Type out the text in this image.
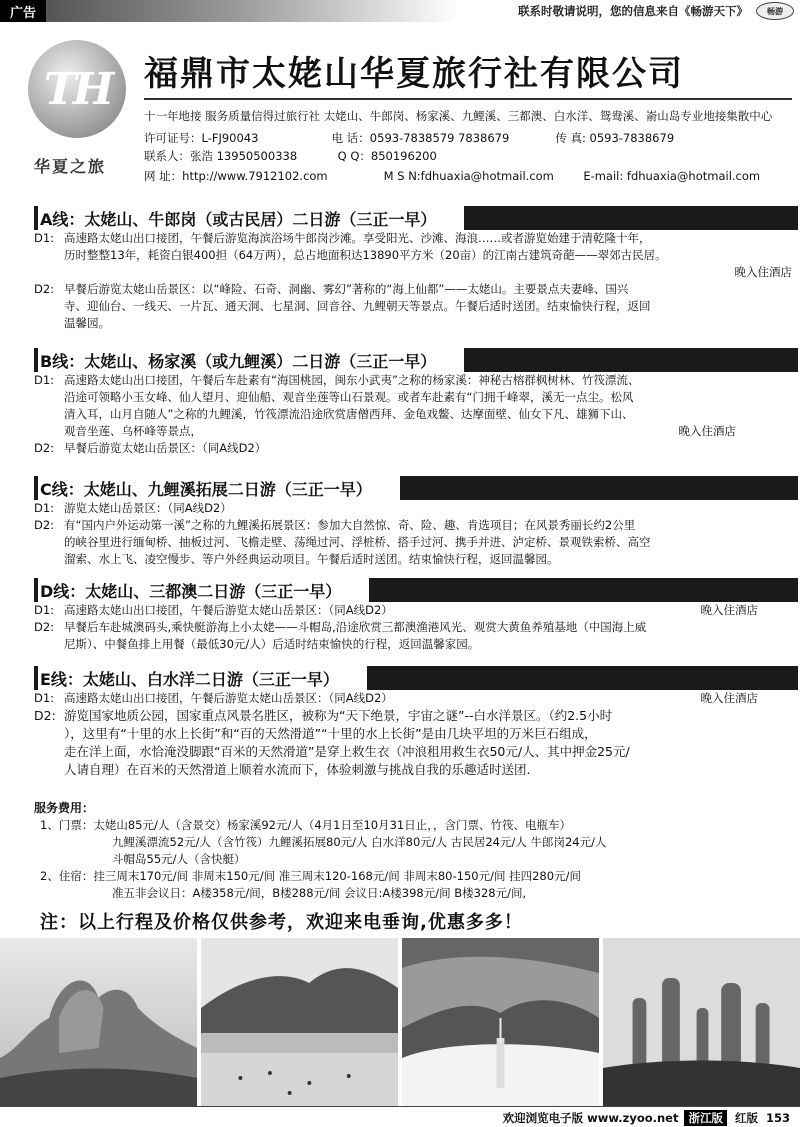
广告	联系时敬请说明，您的信息来自《畅游天下》	畅游
TH
华夏之旅
福鼎市太姥山华夏旅行社有限公司
十一年地接 服务质量信得过旅行社 太姥山、牛郎岗、杨家溪、九鲤溪、三都澳、白水洋、鸳鸯溪、嵛山岛专业地接集散中心
许可证号：L-FJ90043	电 话：0593-7838579 7838679	传 真: 0593-7838679
联系人：张浩 13950500338	Q Q：850196200
网 址：http://www.7912102.com	M S N:fdhuaxia@hotmail.com	E-mail: fdhuaxia@hotmail.com
A线：太姥山、牛郎岗（或古民居）二日游（三正一早）
D1: 高速路太姥山出口接团，午餐后游览海滨浴场牛郎岗沙滩。享受阳光、沙滩、海浪……或者游览始建于清乾隆十年，
历时整整13年，耗资白银400担（64万两），总占地面积达13890平方米（20亩）的江南古建筑奇葩——翠郊古民居。
晚入住酒店
D2: 早餐后游览太姥山岳景区：以“峰险、石奇、洞幽、雾幻”著称的“海上仙都”——太姥山。主要景点夫妻峰、国兴
寺、迎仙台、一线天、一片瓦、通天洞、七星洞、回音谷、九鲤朝天等景点。午餐后适时送团。结束愉快行程，返回
温馨园。
B线：太姥山、杨家溪（或九鲤溪）二日游（三正一早）
D1: 高速路太姥山出口接团，午餐后车赴素有“海国桃园，闽东小武夷”之称的杨家溪：神秘古榕群枫树林、竹筏漂流、
沿途可领略小玉女峰、仙人望月、迎仙船、观音坐莲等山石景观。或者车赴素有“门拥千峰翠，溪无一点尘。松风
清入耳，山月自随人”之称的九鲤溪，竹筏漂流沿途欣赏唐僧西拜、金龟戏鳖、达摩面壁、仙女下凡、雄狮下山、
观音坐莲、乌杯峰等景点，	晚入住酒店
D2: 早餐后游览太姥山岳景区：（同A线D2）
C线：太姥山、九鲤溪拓展二日游（三正一早）
D1: 游览太姥山岳景区：（同A线D2）
D2: 有“国内户外运动第一溪”之称的九鲤溪拓展景区：参加大自然惊、奇、险、趣、肯选项目；在风景秀丽长约2公里
的峡谷里进行缅甸桥、抽板过河、飞檐走壁、荡绳过河、浮桩桥、搭手过河、携手并进、泸定桥、景观铁索桥、高空
溜索、水上飞、凌空慢步、等户外经典运动项目。午餐后适时送团。结束愉快行程，返回温馨园。
D线：太姥山、三都澳二日游（三正一早）
D1: 高速路太姥山出口接团，午餐后游览太姥山岳景区：（同A线D2）	晚入住酒店
D2: 早餐后车赴城澳码头,乘快艇游海上小太姥——斗帽岛,沿途欣赏三都澳渔港风光、观赏大黄鱼养殖基地（中国海上威
尼斯）、中餐鱼排上用餐（最低30元/人）后适时结束愉快的行程，返回温馨家园。
E线：太姥山、白水洋二日游（三正一早）
D1: 高速路太姥山出口接团，午餐后游览太姥山岳景区：（同A线D2）	晚入住酒店
D2: 游览国家地质公园，国家重点风景名胜区，被称为“天下绝景，宇宙之谜”--白水洋景区。（约2.5小时
），这里有“十里的水上长街”和“百的天然滑道”“十里的水上长街”是由几块平坦的万米巨石组成，
走在洋上面，水恰淹没脚跟“百米的天然滑道”是穿上救生衣（冲浪租用救生衣50元/人、其中押金25元/
人请自理）在百米的天然滑道上顺着水流而下，体验刺激与挑战自我的乐趣适时送团.
服务费用：
1、门票：太姥山85元/人（含景交）杨家溪92元/人（4月1日至10月31日止，，含门票、竹筏、电瓶车）
九鲤溪漂流52元/人（含竹筏）九鲤溪拓展80元/人 白水洋80元/人 古民居24元/人 牛郎岗24元/人
斗帽岛55元/人（含快艇）
2、住宿：挂三周末170元/间 非周末150元/间 准三周末120-168元/间 非周末80-150元/间 挂四280元/间
准五非会议日：A楼358元/间，B楼288元/间 会议日:A楼398元/间 B楼328元/间,
注：以上行程及价格仅供参考，欢迎来电垂询,优惠多多！
欢迎浏览电子版 www.zyoo.net 浙江版	红版 153
